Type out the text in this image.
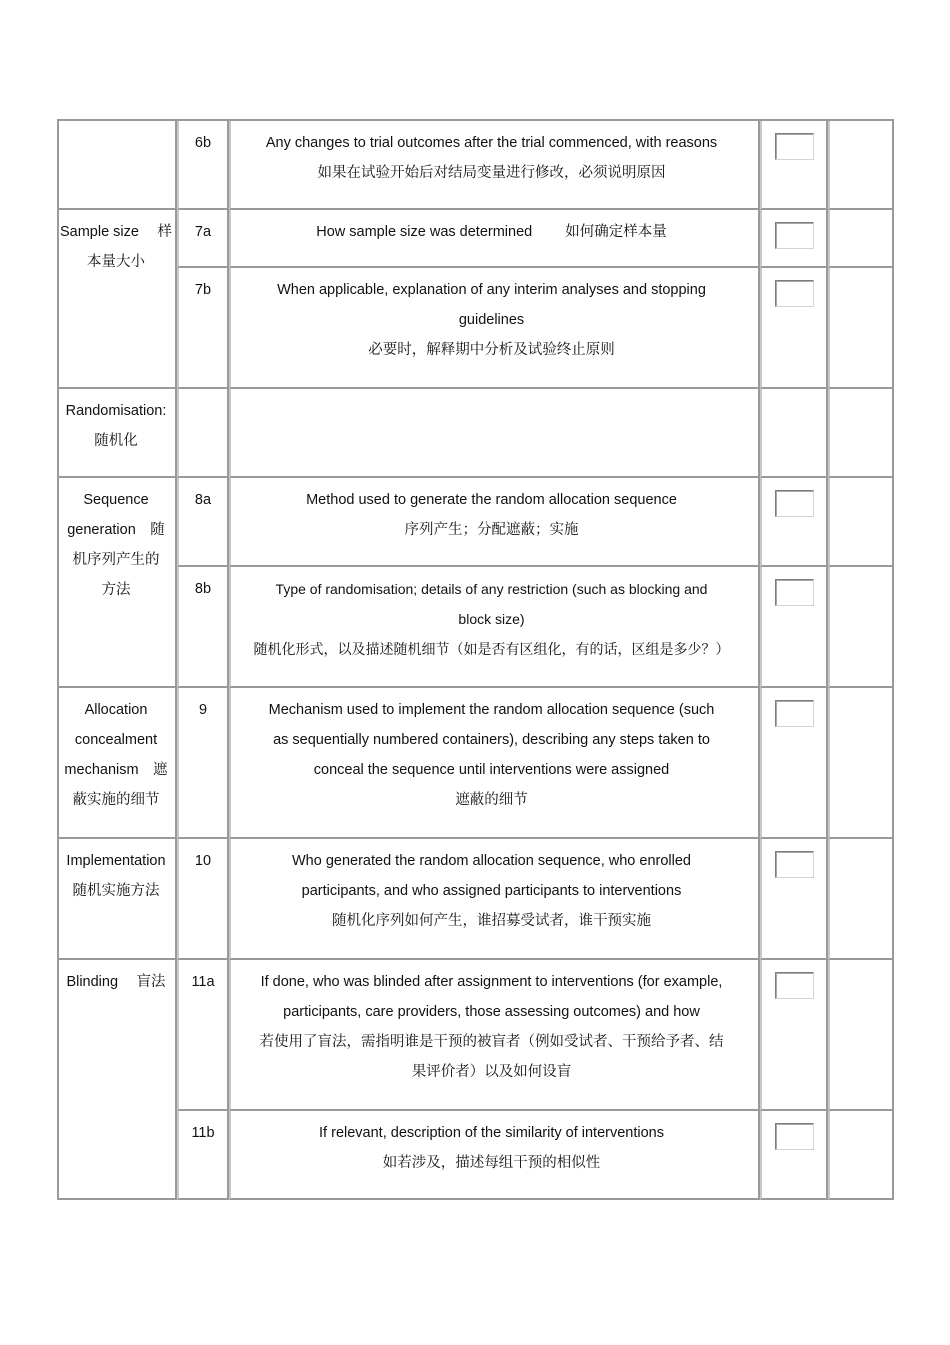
	6b	Any changes to trial outcomes after the trial commenced, with reasons
如果在试验开始后对结局变量进行修改，必须说明原因		

Sample size　 样
本量大小	7a	How sample size was determined　　 如何确定样本量		

	7b	When applicable, explanation of any interim analyses and stopping
guidelines
必要时，解释期中分析及试验终止原则		

Randomisation:
随机化				

Sequence
generation　随
机序列产生的
方法	8a	Method used to generate the random allocation sequence
序列产生；分配遮蔽；实施		

	8b	Type of randomisation; details of any restriction (such as blocking and
block size)
随机化形式，以及描述随机细节（如是否有区组化，有的话，区组是多少？）		

Allocation
concealment
mechanism　遮
蔽实施的细节	9	Mechanism used to implement the random allocation sequence (such
as sequentially numbered containers), describing any steps taken to
conceal the sequence until interventions were assigned
遮蔽的细节		

Implementation
随机实施方法	10	Who generated the random allocation sequence, who enrolled
participants, and who assigned participants to interventions
随机化序列如何产生，谁招募受试者，谁干预实施		

Blinding　 盲法	11a	If done, who was blinded after assignment to interventions (for example,
participants, care providers, those assessing outcomes) and how
若使用了盲法，需指明谁是干预的被盲者（例如受试者、干预给予者、结
果评价者）以及如何设盲		

	11b	If relevant, description of the similarity of interventions
如若涉及，描述每组干预的相似性		
